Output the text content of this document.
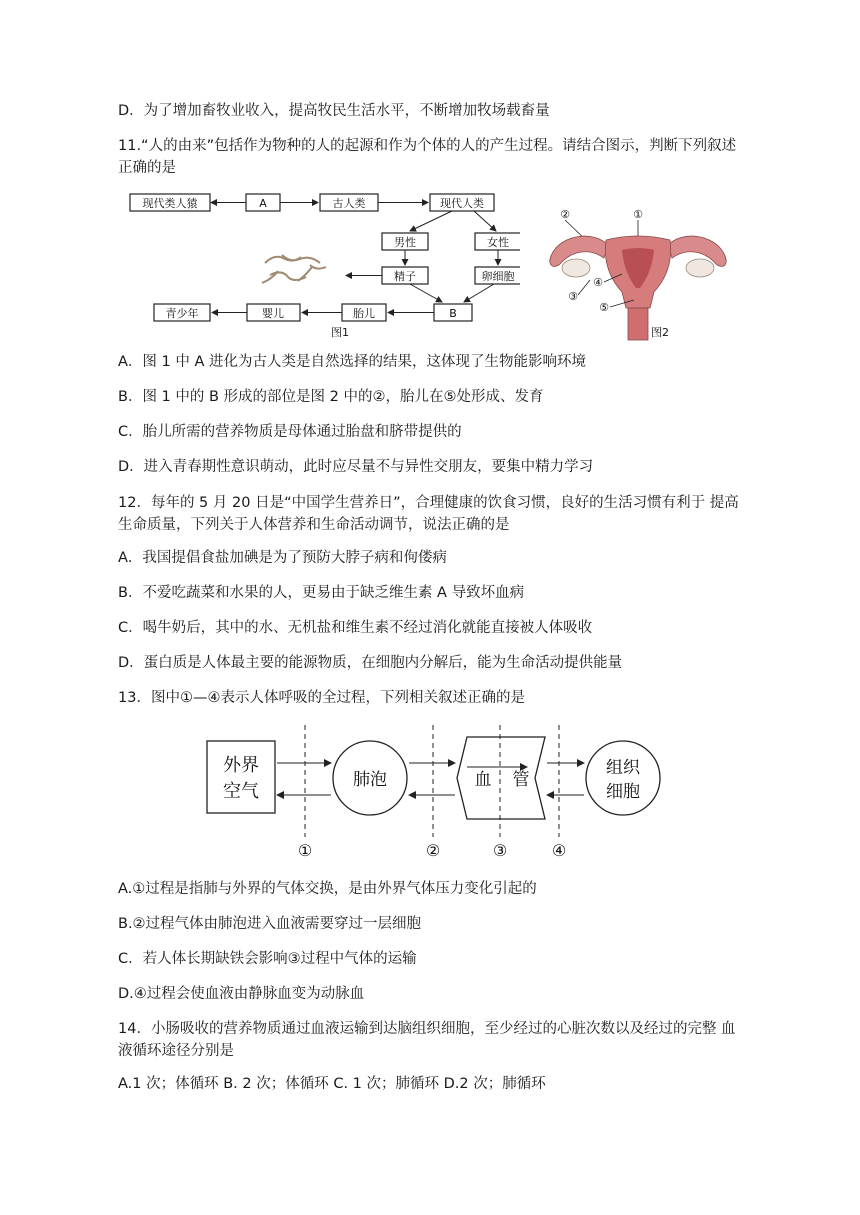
D．为了增加畜牧业收入，提高牧民生活水平，不断增加牧场载畜量
11.“人的由来”包括作为物种的人的起源和作为个体的人的产生过程。请结合图示，判断下列叙述正确的是
现代类人猿	A	古人类	现代人类
男性	女性
精子	卵细胞
B
胎儿
婴儿
青少年
图1
②	①
④
③
⑤
图2
A．图 1 中 A 进化为古人类是自然选择的结果，这体现了生物能影响环境
B．图 1 中的 B 形成的部位是图 2 中的②，胎儿在⑤处形成、发育
C．胎儿所需的营养物质是母体通过胎盘和脐带提供的
D．进入青春期性意识萌动，此时应尽量不与异性交朋友，要集中精力学习
12．每年的 5 月 20 日是“中国学生营养日”，合理健康的饮食习惯，良好的生活习惯有利于 提高生命质量，下列关于人体营养和生命活动调节，说法正确的是
A．我国提倡食盐加碘是为了预防大脖子病和佝偻病
B．不爱吃蔬菜和水果的人，更易由于缺乏维生素 A 导致坏血病
C．喝牛奶后，其中的水、无机盐和维生素不经过消化就能直接被人体吸收
D．蛋白质是人体最主要的能源物质，在细胞内分解后，能为生命活动提供能量
13．图中①—④表示人体呼吸的全过程，下列相关叙述正确的是
外界
空气
肺泡	血 管
组织
细胞
①	②	③	④
A.①过程是指肺与外界的气体交换，是由外界气体压力变化引起的
B.②过程气体由肺泡进入血液需要穿过一层细胞
C．若人体长期缺铁会影响③过程中气体的运输
D.④过程会使血液由静脉血变为动脉血
14．小肠吸收的营养物质通过血液运输到达脑组织细胞，至少经过的心脏次数以及经过的完整 血液循环途径分别是
A.1 次；体循环 B. 2 次；体循环 C. 1 次；肺循环 D.2 次；肺循环
